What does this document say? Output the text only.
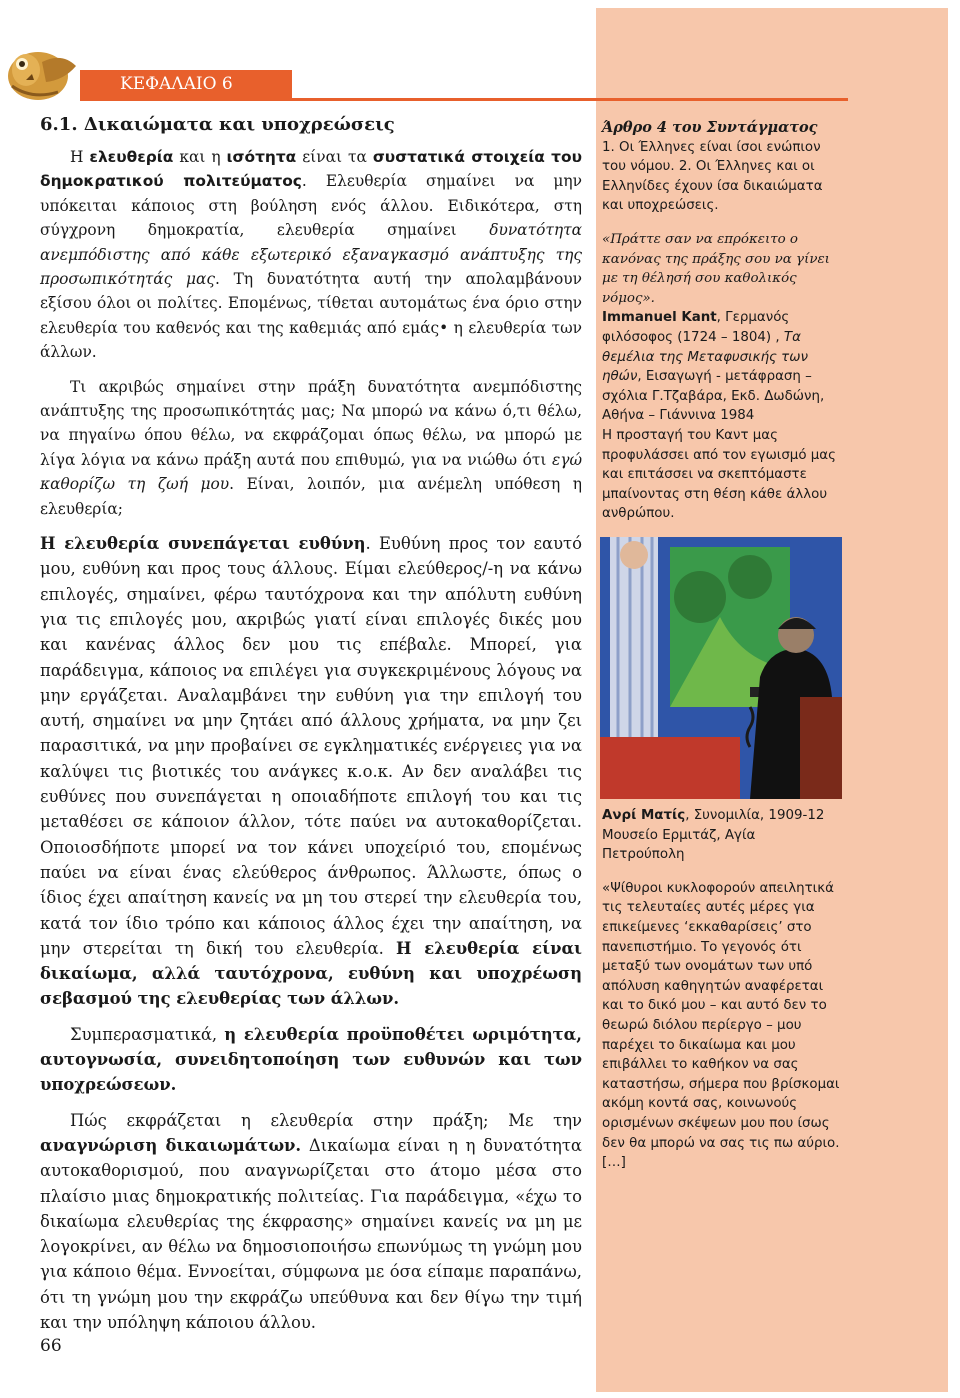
ΚΕΦΑΛΑΙΟ 6
6.1. Δικαιώματα και υποχρεώσεις

Η ελευθερία και η ισότητα είναι τα συστατικά στοιχεία του δημοκρατικού πολιτεύματος. Ελευθερία σημαίνει να μην υπόκειται κάποιος στη βούληση ενός άλλου. Ειδικότερα, στη σύγχρονη δημοκρατία, ελευθερία σημαίνει δυνατότητα ανεμπόδιστης από κάθε εξωτερικό εξαναγκασμό ανάπτυξης της προσωπικότητάς μας. Τη δυνατότητα αυτή την απολαμβάνουν εξίσου όλοι οι πολίτες. Επομένως, τίθεται αυτομάτως ένα όριο στην ελευθερία του καθενός και της καθεμιάς από εμάς• η ελευθερία των άλλων.

Τι ακριβώς σημαίνει στην πράξη δυνατότητα ανεμπόδιστης ανάπτυξης της προσωπικότητάς μας; Να μπορώ να κάνω ό,τι θέλω, να πηγαίνω όπου θέλω, να εκφράζομαι όπως θέλω, να μπορώ με λίγα λόγια να κάνω πράξη αυτά που επιθυμώ, για να νιώθω ότι εγώ καθορίζω τη ζωή μου. Είναι, λοιπόν, μια ανέμελη υπόθεση η ελευθερία;

Η ελευθερία συνεπάγεται ευθύνη. Ευθύνη προς τον εαυτό μου, ευθύνη και προς τους άλλους. Είμαι ελεύθερος/-η να κάνω επιλογές, σημαίνει, φέρω ταυτόχρονα και την απόλυτη ευθύνη για τις επιλογές μου, ακριβώς γιατί είναι επιλογές δικές μου και κανένας άλλος δεν μου τις επέβαλε. Μπορεί, για παράδειγμα, κάποιος να επιλέγει για συγκεκριμένους λόγους να μην εργάζεται. Αναλαμβάνει την ευθύνη για την επιλογή του αυτή, σημαίνει να μην ζητάει από άλλους χρήματα, να μην ζει παρασιτικά, να μην προβαίνει σε εγκληματικές ενέργειες για να καλύψει τις βιοτικές του ανάγκες κ.ο.κ. Αν δεν αναλάβει τις ευθύνες που συνεπάγεται η οποιαδήποτε επιλογή του και τις μεταθέσει σε κάποιον άλλον, τότε παύει να αυτοκαθορίζεται. Οποιοσδήποτε μπορεί να τον κάνει υποχείριό του, επομένως παύει να είναι ένας ελεύθερος άνθρωπος. Άλλωστε, όπως ο ίδιος έχει απαίτηση κανείς να μη του στερεί την ελευθερία του, κατά τον ίδιο τρόπο και κάποιος άλλος έχει την απαίτηση, να μην στερείται τη δική του ελευθερία. Η ελευθερία είναι δικαίωμα, αλλά ταυτόχρονα, ευθύνη και υποχρέωση σεβασμού της ελευθερίας των άλλων.

Συμπερασματικά, η ελευθερία προϋποθέτει ωριμότητα, αυτογνωσία, συνειδητοποίηση των ευθυνών και των υποχρεώσεων.

Πώς εκφράζεται η ελευθερία στην πράξη; Με την αναγνώριση δικαιωμάτων. Δικαίωμα είναι η η δυνατότητα αυτοκαθορισμού, που αναγνωρίζεται στο άτομο μέσα στο πλαίσιο μιας δημοκρατικής πολιτείας. Για παράδειγμα, «έχω το δικαίωμα ελευθερίας της έκφρασης» σημαίνει κανείς να μη με λογοκρίνει, αν θέλω να δημοσιοποιήσω επωνύμως τη γνώμη μου για κάποιο θέμα. Εννοείται, σύμφωνα με όσα είπαμε παραπάνω, ότι τη γνώμη μου την εκφράζω υπεύθυνα και δεν θίγω την τιμή και την υπόληψη κάποιου άλλου.

Άρθρο 4 του Συντάγματος

1. Οι Έλληνες είναι ίσοι ενώπιον του νόμου. 2. Οι Έλληνες και οι Ελληνίδες έχουν ίσα δικαιώματα και υποχρεώσεις.

«Πράττε σαν να επρόκειτο ο κανόνας της πράξης σου να γίνει με τη θέλησή σου καθολικός νόμος».

Immanuel Kant, Γερμανός φιλόσοφος (1724 – 1804) , Τα θεμέλια της Μεταφυσικής των ηθών, Εισαγωγή - μετάφραση – σχόλια Γ.Τζαβάρα, Εκδ. Δωδώνη, Αθήνα – Γιάννινα 1984

Η προσταγή του Καντ μας προφυλάσσει από τον εγωισμό μας και επιτάσσει να σκεπτόμαστε μπαίνοντας στη θέση κάθε άλλου ανθρώπου.

Ανρί Ματίς, Συνομιλία, 1909-12

Μουσείο Ερμιτάζ, Αγία Πετρούπολη

«Ψίθυροι κυκλοφορούν απειλητικά τις τελευταίες αυτές μέρες για επικείμενες ‘εκκαθαρίσεις’ στο πανεπιστήμιο. Το γεγονός ότι μεταξύ των ονομάτων των υπό απόλυση καθηγητών αναφέρεται και το δικό μου – και αυτό δεν το θεωρώ διόλου περίεργο – μου παρέχει το δικαίωμα και μου επιβάλλει το καθήκον να σας καταστήσω, σήμερα που βρίσκομαι ακόμη κοντά σας, κοινωνούς ορισμένων σκέψεων μου που ίσως δεν θα μπορώ να σας τις πω αύριο.[…]

66
